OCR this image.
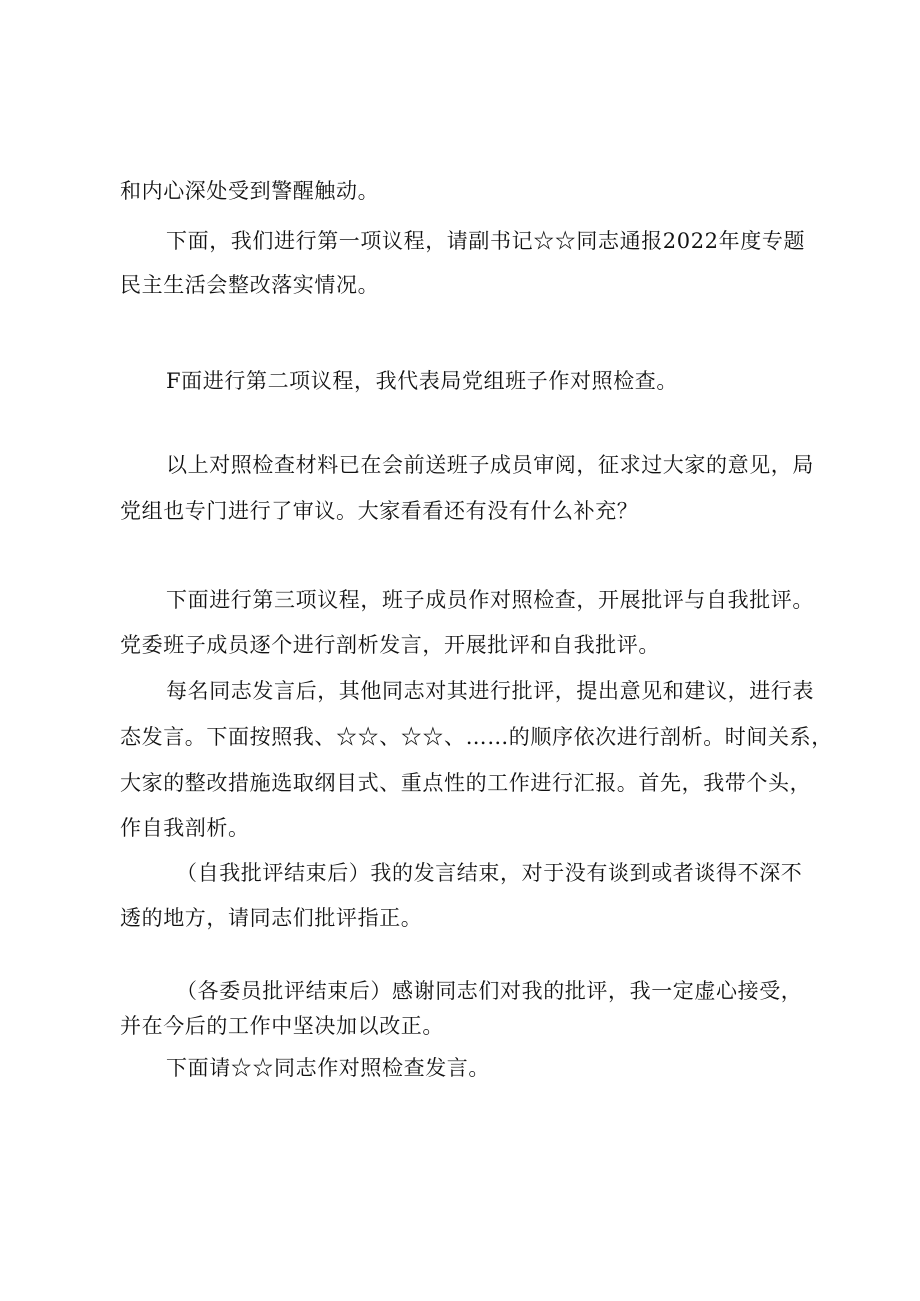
和内心深处受到警醒触动。
下面，我们进行第一项议程，请副书记☆☆同志通报2022年度专题
民主生活会整改落实情况。
F面进行第二项议程，我代表局党组班子作对照检查。
以上对照检查材料已在会前送班子成员审阅，征求过大家的意见，局
党组也专门进行了审议。大家看看还有没有什么补充？
下面进行第三项议程，班子成员作对照检查，开展批评与自我批评。
党委班子成员逐个进行剖析发言，开展批评和自我批评。
每名同志发言后，其他同志对其进行批评，提出意见和建议，进行表
态发言。下面按照我、☆☆、☆☆、……的顺序依次进行剖析。时间关系，
大家的整改措施选取纲目式、重点性的工作进行汇报。首先，我带个头，
作自我剖析。
（自我批评结束后）我的发言结束，对于没有谈到或者谈得不深不
透的地方，请同志们批评指正。
（各委员批评结束后）感谢同志们对我的批评，我一定虚心接受，
并在今后的工作中坚决加以改正。
下面请☆☆同志作对照检查发言。
